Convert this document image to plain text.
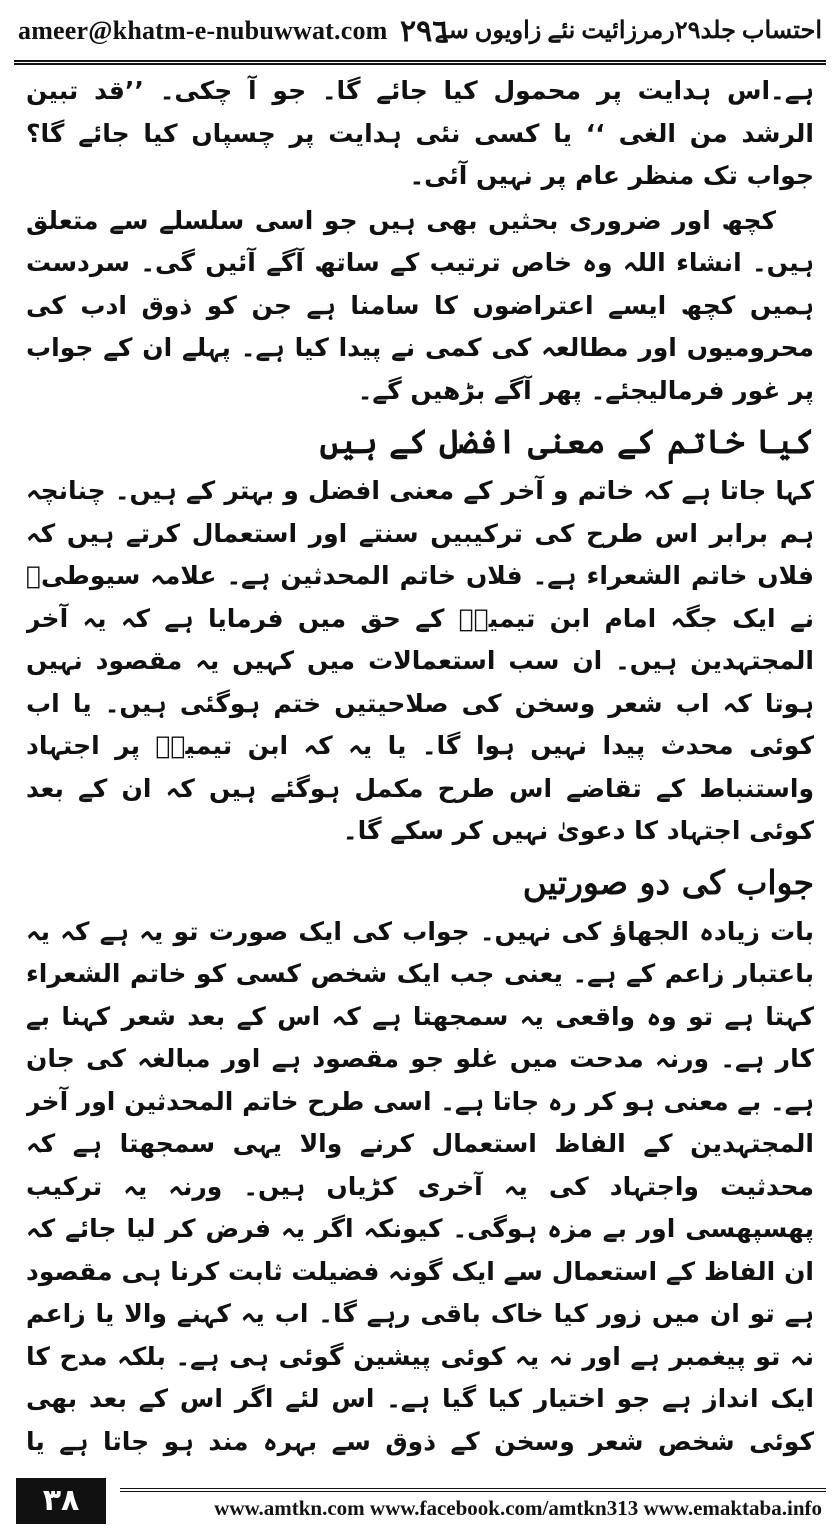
ameer@khatm-e-nubuwwat.com ۲۹٦
احتساب جلد۲۹رمرزائیت نئے زاویوں سے

ہے۔اس ہدایت پر محمول کیا جائے گا۔ جو آ چکی۔ ’’قد تبین الرشد من الغی ‘‘ یا کسی نئی ہدایت پر چسپاں کیا جائے گا؟ جواب تک منظر عام پر نہیں آئی۔

کچھ اور ضروری بحثیں بھی ہیں جو اسی سلسلے سے متعلق ہیں۔ انشاء اللہ وہ خاص ترتیب کے ساتھ آگے آئیں گی۔ سردست ہمیں کچھ ایسے اعتراضوں کا سامنا ہے جن کو ذوق ادب کی محرومیوں اور مطالعہ کی کمی نے پیدا کیا ہے۔ پہلے ان کے جواب پر غور فرمالیجئے۔ پھر آگے بڑھیں گے۔

کیا خاتم کے معنی افضل کے ہیں

کہا جاتا ہے کہ خاتم و آخر کے معنی افضل و بہتر کے ہیں۔ چنانچہ ہم برابر اس طرح کی ترکیبیں سنتے اور استعمال کرتے ہیں کہ فلاں خاتم الشعراء ہے۔ فلاں خاتم المحدثین ہے۔ علامہ سیوطیؒ نے ایک جگہ امام ابن تیمیہؒ کے حق میں فرمایا ہے کہ یہ آخر المجتہدین ہیں۔ ان سب استعمالات میں کہیں یہ مقصود نہیں ہوتا کہ اب شعر وسخن کی صلاحیتیں ختم ہوگئی ہیں۔ یا اب کوئی محدث پیدا نہیں ہوا گا۔ یا یہ کہ ابن تیمیہؒ پر اجتہاد واستنباط کے تقاضے اس طرح مکمل ہوگئے ہیں کہ ان کے بعد کوئی اجتہاد کا دعویٰ نہیں کر سکے گا۔

جواب کی دو صورتیں

بات زیادہ الجھاؤ کی نہیں۔ جواب کی ایک صورت تو یہ ہے کہ یہ باعتبار زاعم کے ہے۔ یعنی جب ایک شخص کسی کو خاتم الشعراء کہتا ہے تو وہ واقعی یہ سمجھتا ہے کہ اس کے بعد شعر کہنا بے کار ہے۔ ورنہ مدحت میں غلو جو مقصود ہے اور مبالغہ کی جان ہے۔ بے معنی ہو کر رہ جاتا ہے۔ اسی طرح خاتم المحدثین اور آخر المجتہدین کے الفاظ استعمال کرنے والا یہی سمجھتا ہے کہ محدثیت واجتہاد کی یہ آخری کڑیاں ہیں۔ ورنہ یہ ترکیب پھسپھسی اور بے مزہ ہوگی۔ کیونکہ اگر یہ فرض کر لیا جائے کہ ان الفاظ کے استعمال سے ایک گونہ فضیلت ثابت کرنا ہی مقصود ہے تو ان میں زور کیا خاک باقی رہے گا۔ اب یہ کہنے والا یا زاعم نہ تو پیغمبر ہے اور نہ یہ کوئی پیشین گوئی ہی ہے۔ بلکہ مدح کا ایک انداز ہے جو اختیار کیا گیا ہے۔ اس لئے اگر اس کے بعد بھی کوئی شخص شعر وسخن کے ذوق سے بہرہ مند ہو جاتا ہے یا

۳۸	www.amtkn.com www.facebook.com/amtkn313 www.emaktaba.info
